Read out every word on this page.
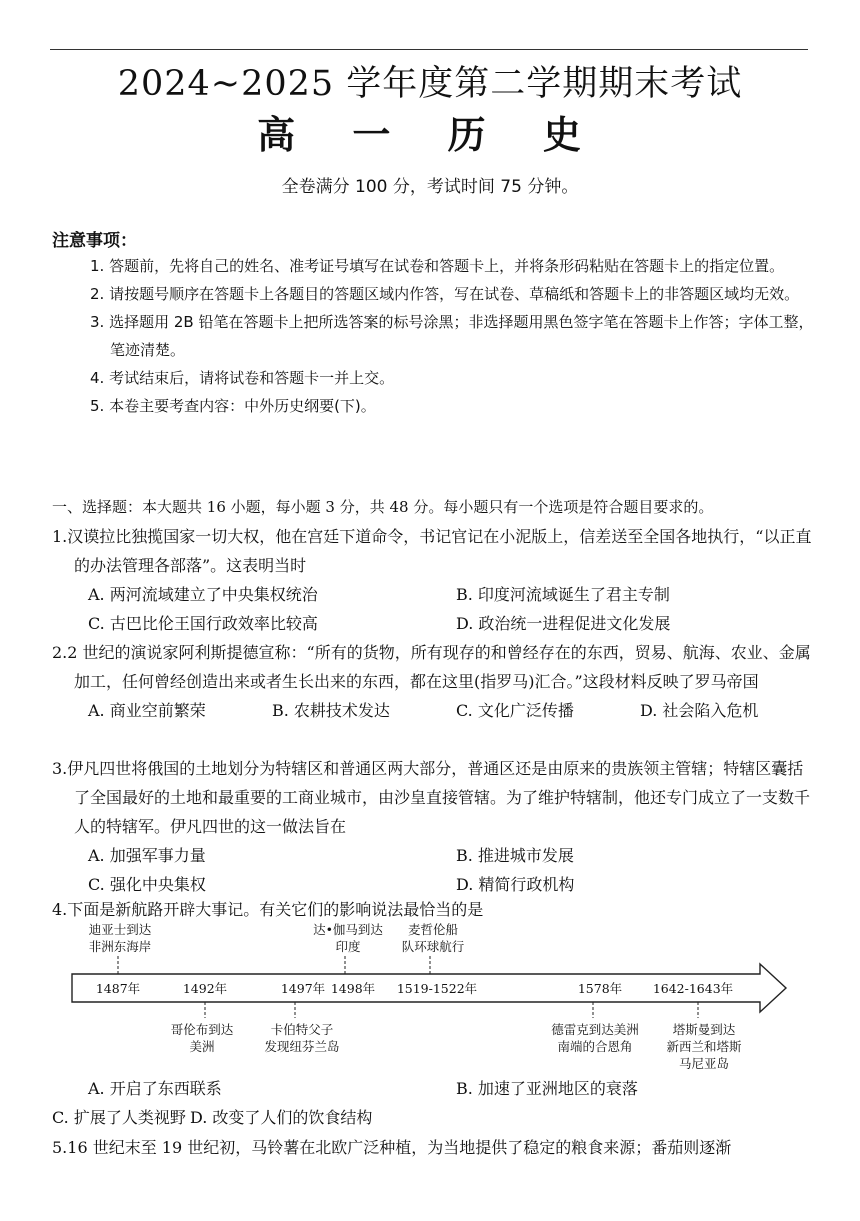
2024~2025 学年度第二学期期末考试
高 一 历 史
全卷满分 100 分，考试时间 75 分钟。
注意事项：
1. 答题前，先将自己的姓名、准考证号填写在试卷和答题卡上，并将条形码粘贴在答题卡上的指定位置。
2. 请按题号顺序在答题卡上各题目的答题区域内作答，写在试卷、草稿纸和答题卡上的非答题区域均无效。
3. 选择题用 2B 铅笔在答题卡上把所选答案的标号涂黑；非选择题用黑色签字笔在答题卡上作答；字体工整，笔迹清楚。
4. 考试结束后，请将试卷和答题卡一并上交。
5. 本卷主要考查内容：中外历史纲要(下)。
一、选择题：本大题共 16 小题，每小题 3 分，共 48 分。每小题只有一个选项是符合题目要求的。
1.汉谟拉比独揽国家一切大权，他在宫廷下道命令，书记官记在小泥版上，信差送至全国各地执行，“以正直的办法管理各部落”。这表明当时
A. 两河流域建立了中央集权统治	B. 印度河流域诞生了君主专制
C. 古巴比伦王国行政效率比较高	D. 政治统一进程促进文化发展
2.2 世纪的演说家阿利斯提德宣称：“所有的货物，所有现存的和曾经存在的东西，贸易、航海、农业、金属加工，任何曾经创造出来或者生长出来的东西，都在这里(指罗马)汇合。”这段材料反映了罗马帝国
A. 商业空前繁荣	B. 农耕技术发达	C. 文化广泛传播	D. 社会陷入危机
3.伊凡四世将俄国的土地划分为特辖区和普通区两大部分，普通区还是由原来的贵族领主管辖；特辖区囊括了全国最好的土地和最重要的工商业城市，由沙皇直接管辖。为了维护特辖制，他还专门成立了一支数千人的特辖军。伊凡四世的这一做法旨在
A. 加强军事力量	B. 推进城市发展
C. 强化中央集权	D. 精简行政机构
4.下面是新航路开辟大事记。有关它们的影响说法最恰当的是
1487年	1492年	1497年 1498年 1519-1522年	1578年 1642-1643年
迪亚士到达
非洲东海岸
达•伽马到达
印度
麦哲伦船
队环球航行
哥伦布到达
美洲
卡伯特父子
发现纽芬兰岛
德雷克到达美洲
南端的合恩角
塔斯曼到达
新西兰和塔斯
马尼亚岛
A. 开启了东西联系	B. 加速了亚洲地区的衰落
C. 扩展了人类视野 D. 改变了人们的饮食结构
5.16 世纪末至 19 世纪初，马铃薯在北欧广泛种植，为当地提供了稳定的粮食来源；番茄则逐渐
